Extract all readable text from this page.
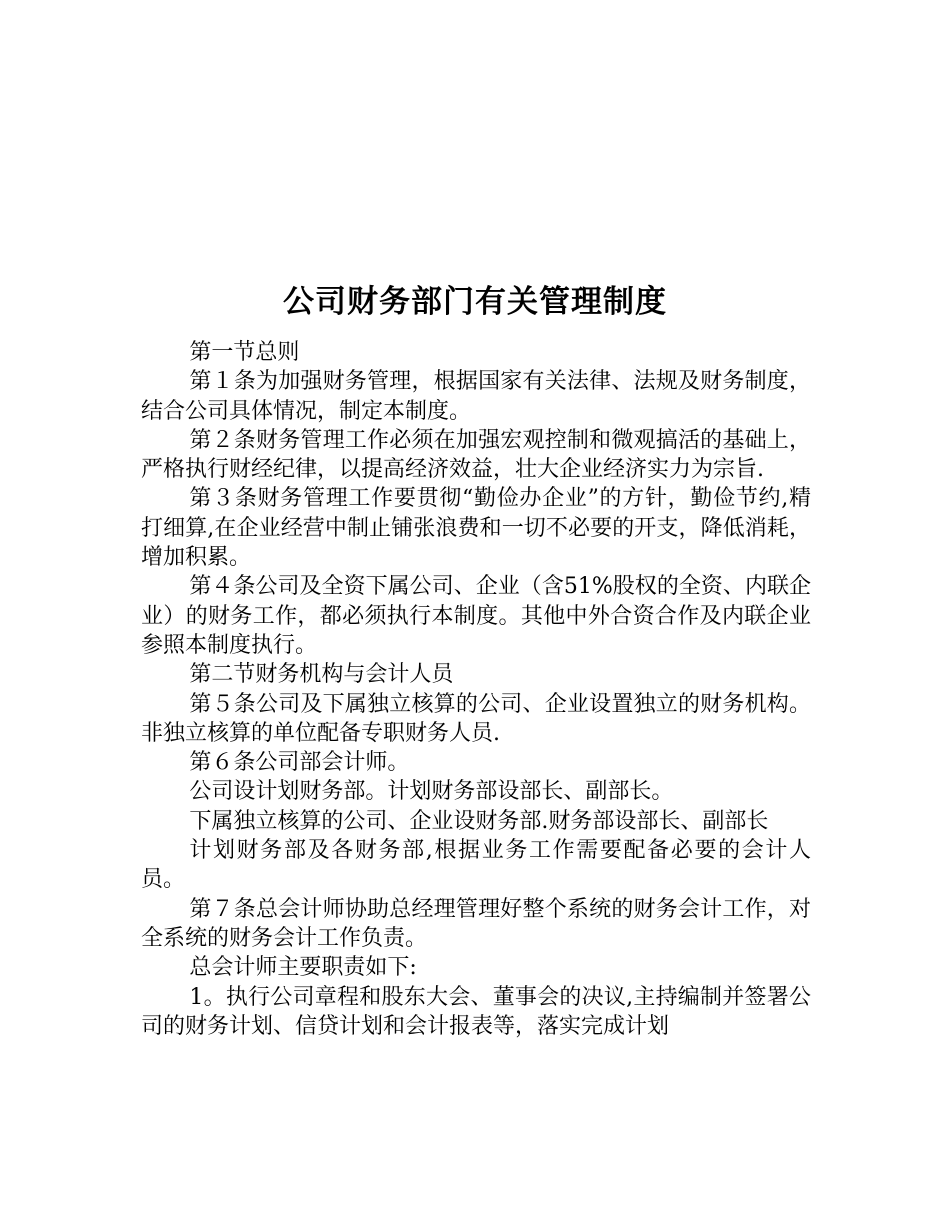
公司财务部门有关管理制度

第一节总则

第１条为加强财务管理，根据国家有关法律、法规及财务制度，结合公司具体情况，制定本制度。

第２条财务管理工作必须在加强宏观控制和微观搞活的基础上，严格执行财经纪律，以提高经济效益，壮大企业经济实力为宗旨.

第３条财务管理工作要贯彻“勤俭办企业”的方针，勤俭节约,精打细算,在企业经营中制止铺张浪费和一切不必要的开支，降低消耗，增加积累。

第４条公司及全资下属公司、企业（含51%股权的全资、内联企业）的财务工作，都必须执行本制度。其他中外合资合作及内联企业参照本制度执行。

第二节财务机构与会计人员

第５条公司及下属独立核算的公司、企业设置独立的财务机构。非独立核算的单位配备专职财务人员.

第６条公司部会计师。

公司设计划财务部。计划财务部设部长、副部长。

下属独立核算的公司、企业设财务部.财务部设部长、副部长

计划财务部及各财务部,根据业务工作需要配备必要的会计人员。

第７条总会计师协助总经理管理好整个系统的财务会计工作，对全系统的财务会计工作负责。

总会计师主要职责如下:

1。执行公司章程和股东大会、董事会的决议,主持编制并签署公司的财务计划、信贷计划和会计报表等，落实完成计划
